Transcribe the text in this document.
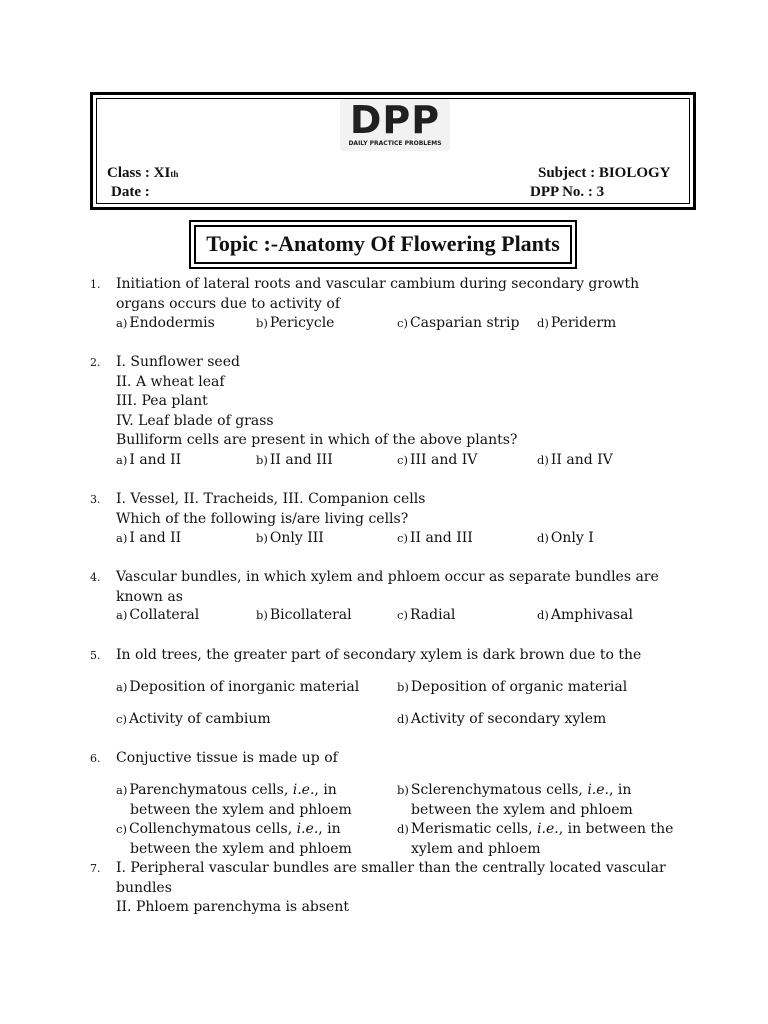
DPP
DAILY PRACTICE PROBLEMS
Class : XIth
Date :
Subject : BIOLOGY
DPP No. : 3
Topic :-Anatomy Of Flowering Plants
1. Initiation of lateral roots and vascular cambium during secondary growth
organs occurs due to activity of
a) Endodermis	b) Pericycle	c) Casparian strip d) Periderm
2. I. Sunflower seed
II. A wheat leaf
III. Pea plant
IV. Leaf blade of grass
Bulliform cells are present in which of the above plants?
a) I and II	b) II and III	c) III and IV	d) II and IV
3. I. Vessel, II. Tracheids, III. Companion cells
Which of the following is/are living cells?
a) I and II	b) Only III	c) II and III	d) Only I
4. Vascular bundles, in which xylem and phloem occur as separate bundles are
known as
a) Collateral	b) Bicollateral	c) Radial	d) Amphivasal
5. In old trees, the greater part of secondary xylem is dark brown due to the
a) Deposition of inorganic material	b) Deposition of organic material
c) Activity of cambium	d) Activity of secondary xylem
6. Conjuctive tissue is made up of
a) Parenchymatous cells, i.e., in
between the xylem and phloem
b) Sclerenchymatous cells, i.e., in
between the xylem and phloem
c) Collenchymatous cells, i.e., in
between the xylem and phloem
d) Merismatic cells, i.e., in between the
xylem and phloem
7. I. Peripheral vascular bundles are smaller than the centrally located vascular
bundles
II. Phloem parenchyma is absent
